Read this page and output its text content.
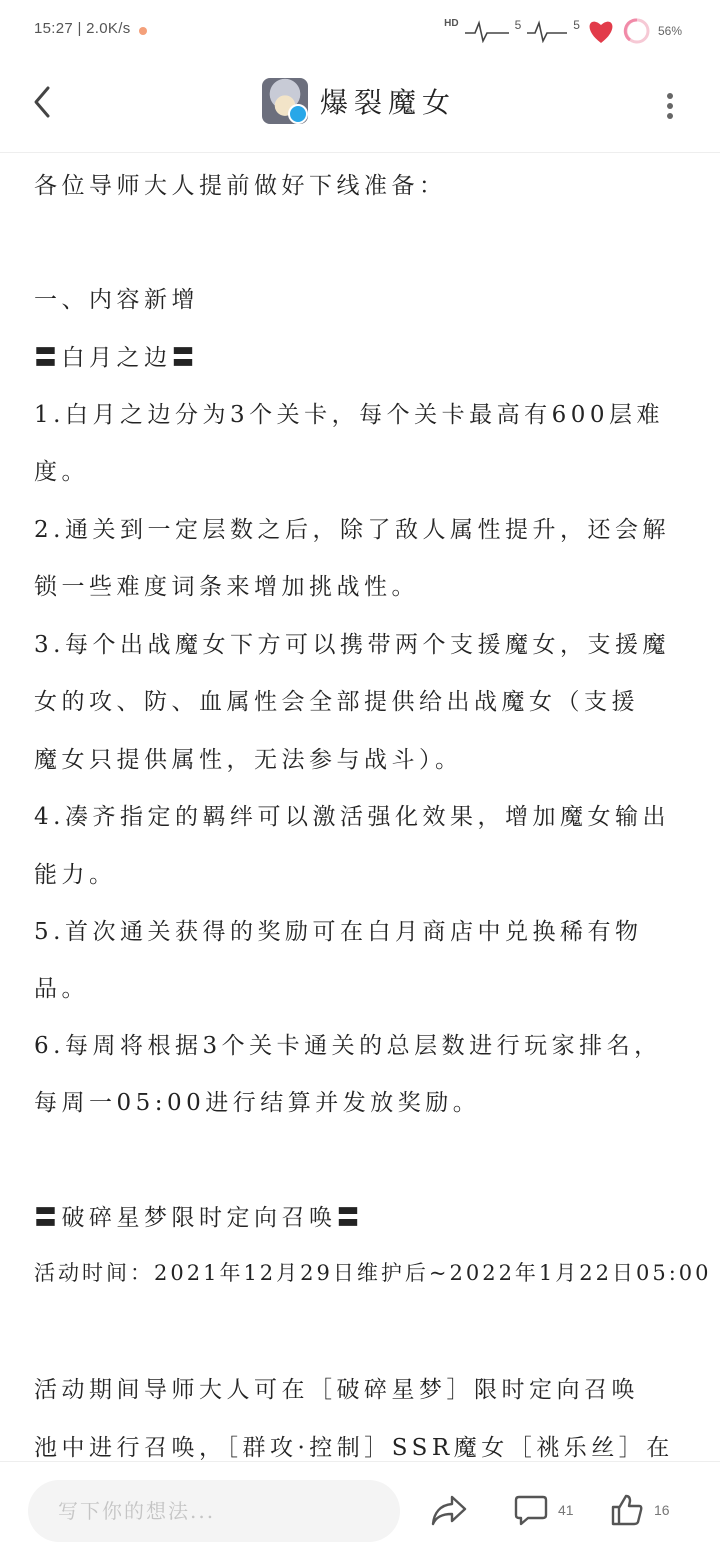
15:27 | 2.0K/s	HD	5	5	56%
爆裂魔女
各位导师大人提前做好下线准备：
一、内容新增
〓白月之边〓
1.白月之边分为3个关卡，每个关卡最高有600层难
度。
2.通关到一定层数之后，除了敌人属性提升，还会解
锁一些难度词条来增加挑战性。
3.每个出战魔女下方可以携带两个支援魔女，支援魔
女的攻、防、血属性会全部提供给出战魔女（支援
魔女只提供属性，无法参与战斗）。
4.凑齐指定的羁绊可以激活强化效果，增加魔女输出
能力。
5.首次通关获得的奖励可在白月商店中兑换稀有物
品。
6.每周将根据3个关卡通关的总层数进行玩家排名，
每周一05:00进行结算并发放奖励。
〓破碎星梦限时定向召唤〓
活动时间：2021年12月29日维护后~2022年1月22日05:00
活动期间导师大人可在［破碎星梦］限时定向召唤
池中进行召唤，［群攻·控制］SSR魔女［祧乐丝］在
写下你的想法...	41	16
